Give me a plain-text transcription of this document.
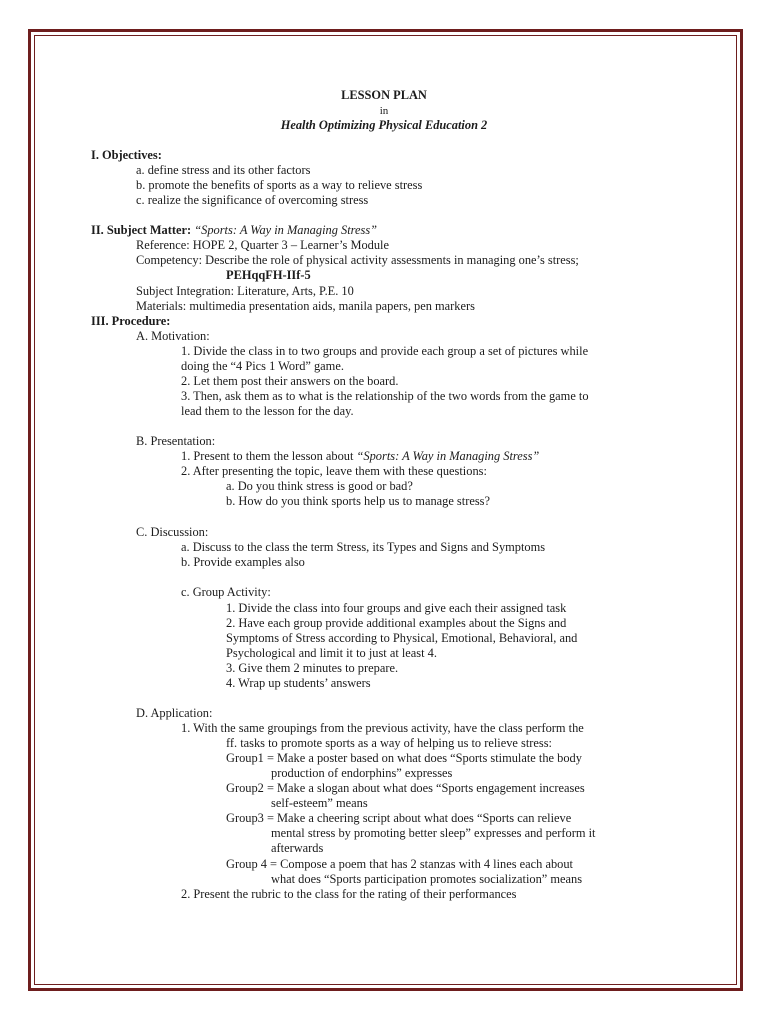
LESSON PLAN
in
Health Optimizing Physical Education 2
I. Objectives:
a. define stress and its other factors
b. promote the benefits of sports as a way to relieve stress
c. realize the significance of overcoming stress
II. Subject Matter: “Sports: A Way in Managing Stress”
Reference: HOPE 2, Quarter 3 – Learner’s Module
Competency: Describe the role of physical activity assessments in managing one’s stress;
PEHqqFH-IIf-5
Subject Integration: Literature, Arts, P.E. 10
Materials: multimedia presentation aids, manila papers, pen markers
III. Procedure:
A. Motivation:
1. Divide the class in to two groups and provide each group a set of pictures while
doing the “4 Pics 1 Word” game.
2. Let them post their answers on the board.
3. Then, ask them as to what is the relationship of the two words from the game to
lead them to the lesson for the day.
B. Presentation:
1. Present to them the lesson about “Sports: A Way in Managing Stress”
2. After presenting the topic, leave them with these questions:
a. Do you think stress is good or bad?
b. How do you think sports help us to manage stress?
C. Discussion:
a. Discuss to the class the term Stress, its Types and Signs and Symptoms
b. Provide examples also
c. Group Activity:
1. Divide the class into four groups and give each their assigned task
2. Have each group provide additional examples about the Signs and
Symptoms of Stress according to Physical, Emotional, Behavioral, and
Psychological and limit it to just at least 4.
3. Give them 2 minutes to prepare.
4. Wrap up students’ answers
D. Application:
1. With the same groupings from the previous activity, have the class perform the
ff. tasks to promote sports as a way of helping us to relieve stress:
Group1 = Make a poster based on what does “Sports stimulate the body
production of endorphins” expresses
Group2 = Make a slogan about what does “Sports engagement increases
self-esteem” means
Group3 = Make a cheering script about what does “Sports can relieve
mental stress by promoting better sleep” expresses and perform it
afterwards
Group 4 = Compose a poem that has 2 stanzas with 4 lines each about
what does “Sports participation promotes socialization” means
2. Present the rubric to the class for the rating of their performances
